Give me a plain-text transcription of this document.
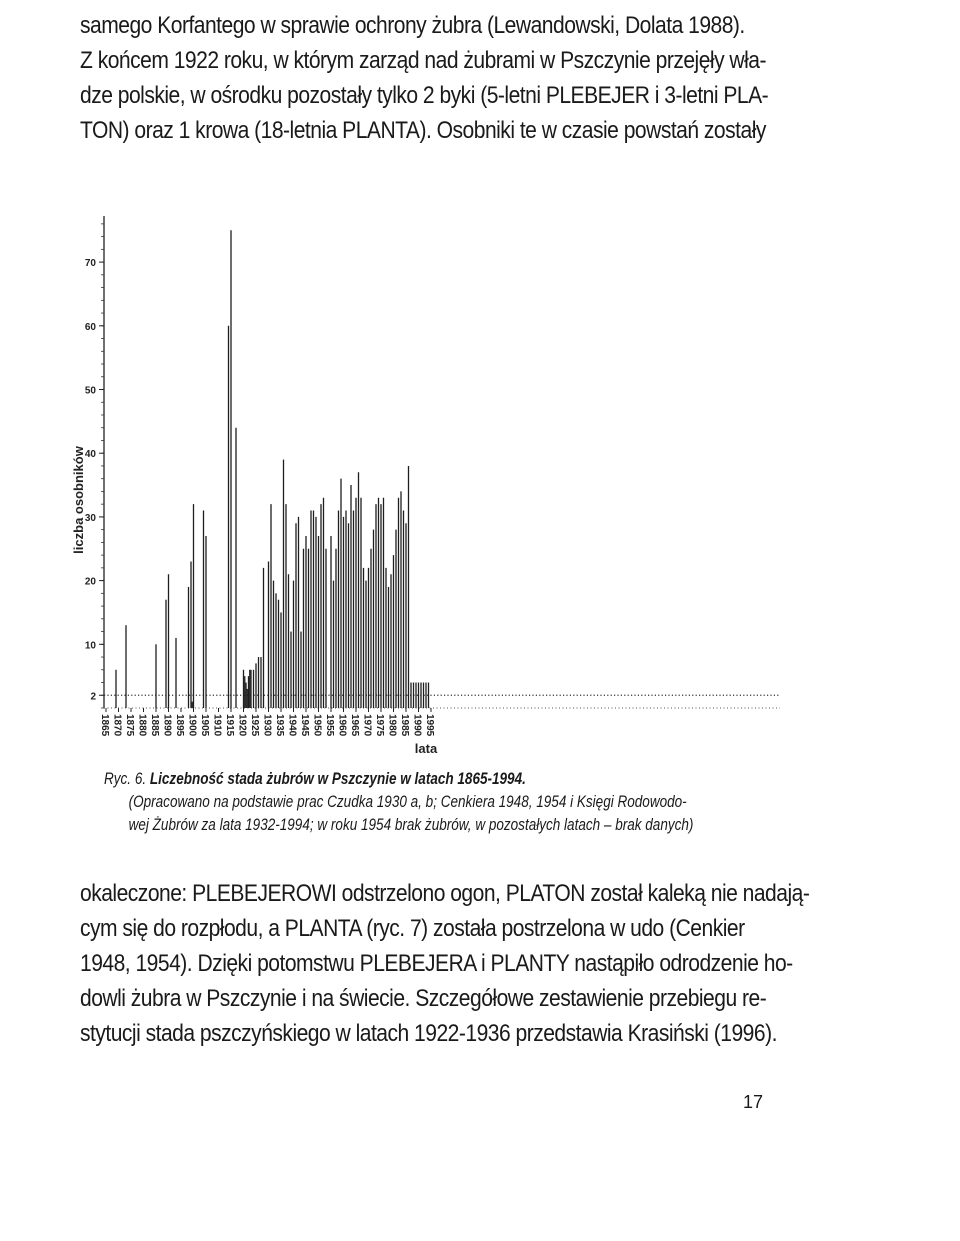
samego Korfantego w sprawie ochrony żubra (Lewandowski, Dolata 1988).
Z końcem 1922 roku, w którym zarząd nad żubrami w Pszczynie przejęły wła-
dze polskie, w ośrodku pozostały tylko 2 byki (5-letni PLEBEJER i 3-letni PLA-
TON) oraz 1 krowa (18-letnia PLANTA). Osobniki te w czasie powstań zostały
2
10
20
30
40
50
60
70
liczba osobników
1865 1870 1875 1880 1885 1890 1895 1900 1905 1910 1915 1920 1925 1930 1935 1940 1945 1950 1955 1960 1965 1970 1975 1980 1985 1990 1995
lata
Ryc. 6. Liczebność stada żubrów w Pszczynie w latach 1865-1994.
(Opracowano na podstawie prac Czudka 1930 a, b; Cenkiera 1948, 1954 i Księgi Rodowodo-
wej Żubrów za lata 1932-1994; w roku 1954 brak żubrów, w pozostałych latach – brak danych)
okaleczone: PLEBEJEROWI odstrzelono ogon, PLATON został kaleką nie nadają-
cym się do rozpłodu, a PLANTA (ryc. 7) została postrzelona w udo (Cenkier
1948, 1954). Dzięki potomstwu PLEBEJERA i PLANTY nastąpiło odrodzenie ho-
dowli żubra w Pszczynie i na świecie. Szczegółowe zestawienie przebiegu re-
stytucji stada pszczyńskiego w latach 1922-1936 przedstawia Krasiński (1996).
17
